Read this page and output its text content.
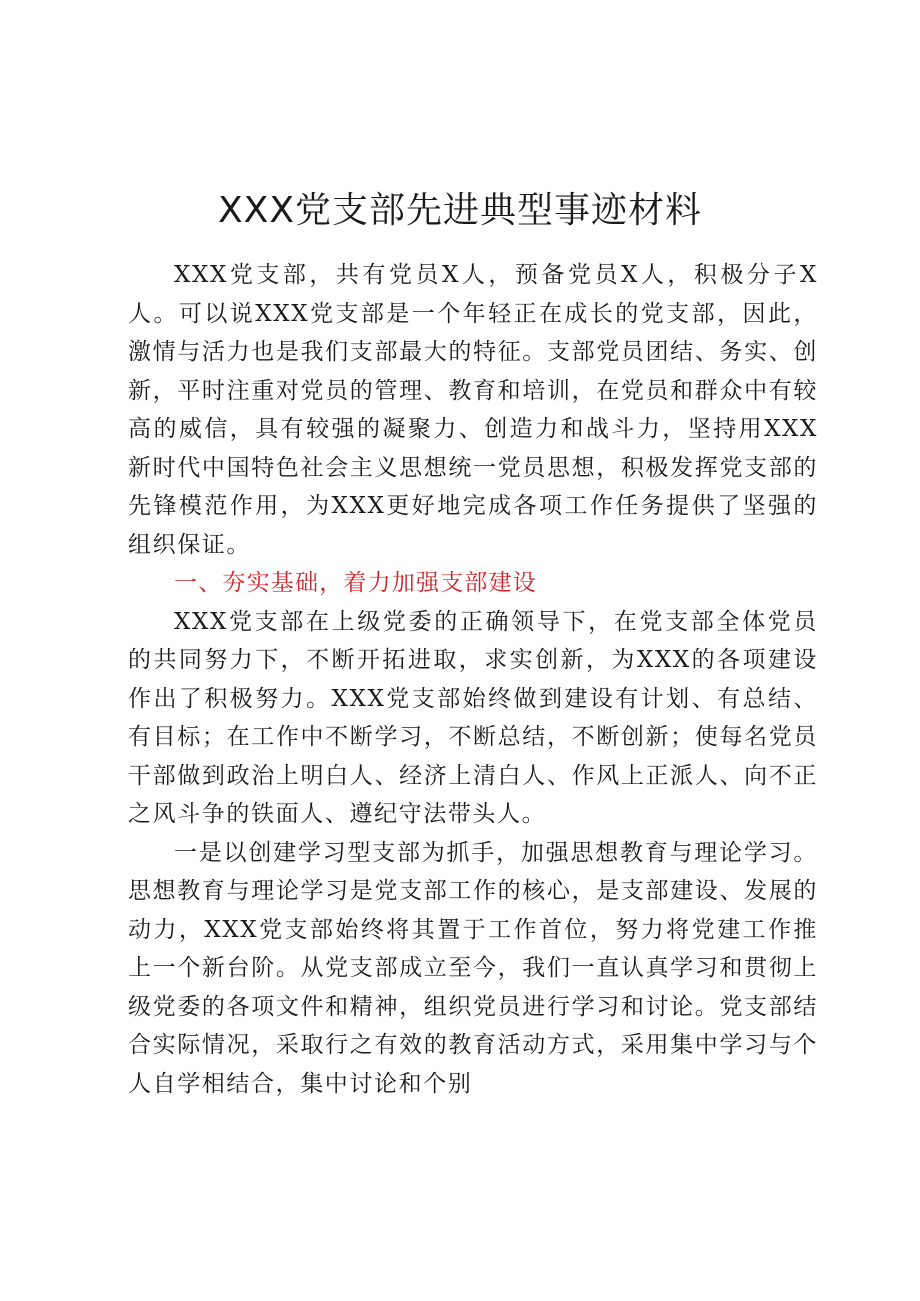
XXX党支部先进典型事迹材料

XXX党支部，共有党员X人，预备党员X人，积极分子X人。可以说XXX党支部是一个年轻正在成长的党支部，因此，激情与活力也是我们支部最大的特征。支部党员团结、务实、创新，平时注重对党员的管理、教育和培训，在党员和群众中有较高的威信，具有较强的凝聚力、创造力和战斗力，坚持用XXX新时代中国特色社会主义思想统一党员思想，积极发挥党支部的先锋模范作用，为XXX更好地完成各项工作任务提供了坚强的组织保证。

一、夯实基础，着力加强支部建设

XXX党支部在上级党委的正确领导下，在党支部全体党员的共同努力下，不断开拓进取，求实创新，为XXX的各项建设作出了积极努力。XXX党支部始终做到建设有计划、有总结、有目标；在工作中不断学习，不断总结，不断创新；使每名党员干部做到政治上明白人、经济上清白人、作风上正派人、向不正之风斗争的铁面人、遵纪守法带头人。

一是以创建学习型支部为抓手，加强思想教育与理论学习。思想教育与理论学习是党支部工作的核心，是支部建设、发展的动力，XXX党支部始终将其置于工作首位，努力将党建工作推上一个新台阶。从党支部成立至今，我们一直认真学习和贯彻上级党委的各项文件和精神，组织党员进行学习和讨论。党支部结合实际情况，采取行之有效的教育活动方式，采用集中学习与个人自学相结合，集中讨论和个别
